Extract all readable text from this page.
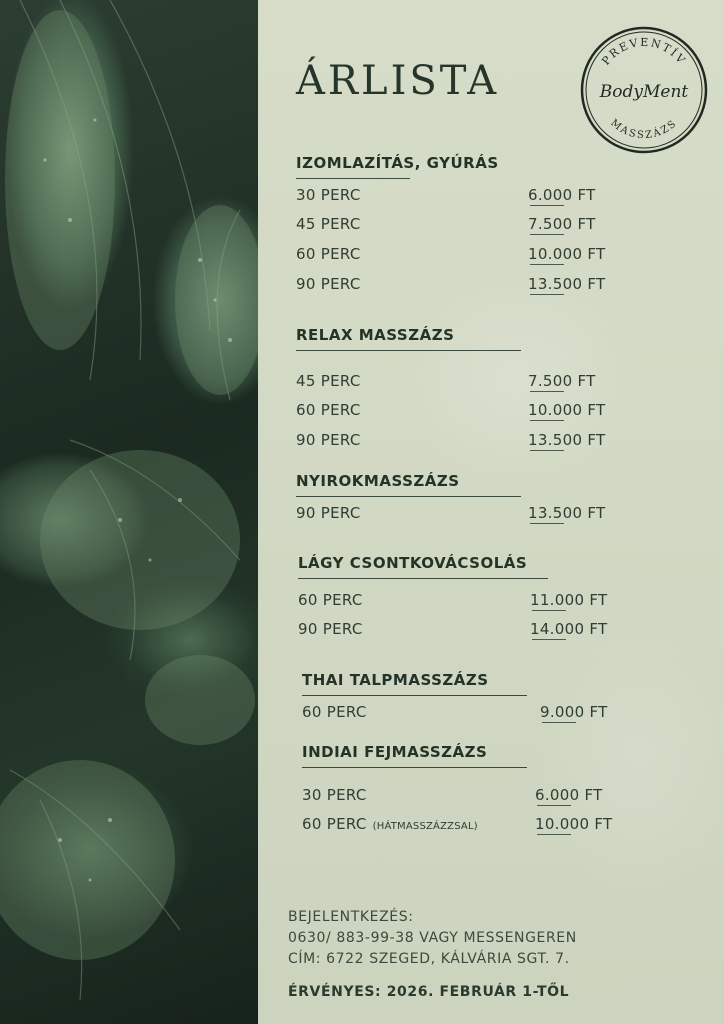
ÁRLISTA	PREVENTÍV
BodyMent
MASSZÁZS
IZOMLAZÍTÁS, GYÚRÁS
30 PERC	6.000 FT
45 PERC	7.500 FT
60 PERC	10.000 FT
90 PERC	13.500 FT
RELAX MASSZÁZS
45 PERC	7.500 FT
60 PERC	10.000 FT
90 PERC	13.500 FT
NYIROKMASSZÁZS
90 PERC	13.500 FT
LÁGY CSONTKOVÁCSOLÁS
60 PERC	11.000 FT
90 PERC	14.000 FT
THAI TALPMASSZÁZS
60 PERC	9.000 FT
INDIAI FEJMASSZÁZS
30 PERC	6.000 FT
60 PERC (HÁTMASSZÁZZSAL)	10.000 FT
BEJELENTKEZÉS:
0630/ 883-99-38 VAGY MESSENGEREN
CÍM: 6722 SZEGED, KÁLVÁRIA SGT. 7.
ÉRVÉNYES: 2026. FEBRUÁR 1-TŐL
